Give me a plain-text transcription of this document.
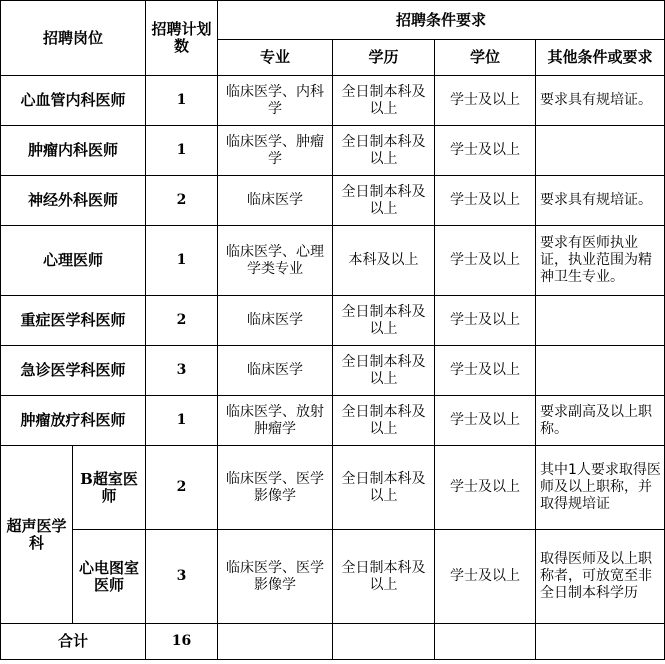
招聘岗位		招聘计划数	招聘条件要求			
			专业	学历	学位	其他条件或要求
心血管内科医师		1	临床医学、内科学	全日制本科及以上	学士及以上	要求具有规培证。
肿瘤内科医师		1	临床医学、肿瘤学	全日制本科及以上	学士及以上	
神经外科医师		2	临床医学	全日制本科及以上	学士及以上	要求具有规培证。
心理医师		1	临床医学、心理学类专业	本科及以上	学士及以上	要求有医师执业证，执业范围为精神卫生专业。
重症医学科医师		2	临床医学	全日制本科及以上	学士及以上	
急诊医学科医师		3	临床医学	全日制本科及以上	学士及以上	
肿瘤放疗科医师		1	临床医学、放射肿瘤学	全日制本科及以上	学士及以上	要求副高及以上职称。
超声医学科	B超室医师	2	临床医学、医学影像学	全日制本科及以上	学士及以上	其中1人要求取得医师及以上职称，并取得规培证
	心电图室医师	3	临床医学、医学影像学	全日制本科及以上	学士及以上	取得医师及以上职称者，可放宽至非全日制本科学历
合计		16				
